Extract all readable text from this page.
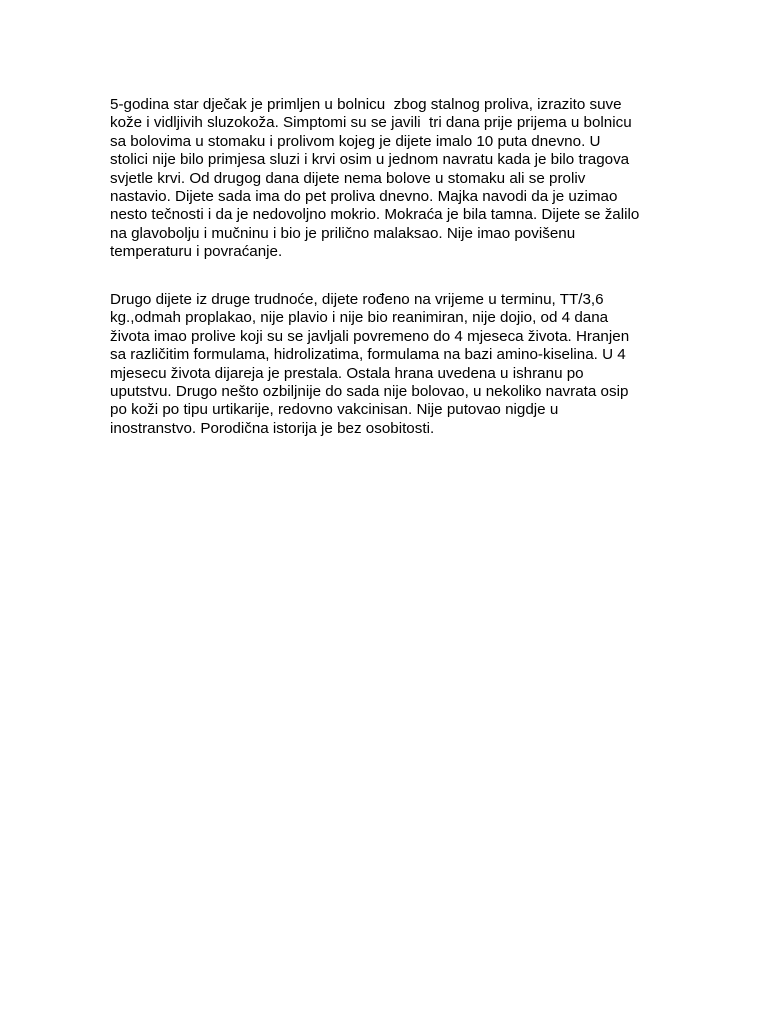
5-godina star dječak je primljen u bolnicu  zbog stalnog proliva, izrazito suve
kože i vidljivih sluzokoža. Simptomi su se javili  tri dana prije prijema u bolnicu
sa bolovima u stomaku i prolivom kojeg je dijete imalo 10 puta dnevno. U
stolici nije bilo primjesa sluzi i krvi osim u jednom navratu kada je bilo tragova
svjetle krvi. Od drugog dana dijete nema bolove u stomaku ali se proliv
nastavio. Dijete sada ima do pet proliva dnevno. Majka navodi da je uzimao
nesto tečnosti i da je nedovoljno mokrio. Mokraća je bila tamna. Dijete se žalilo
na glavobolju i mučninu i bio je prilično malaksao. Nije imao povišenu
temperaturu i povraćanje.

Drugo dijete iz druge trudnoće, dijete rođeno na vrijeme u terminu, TT/3,6
kg.,odmah proplakao, nije plavio i nije bio reanimiran, nije dojio, od 4 dana
života imao prolive koji su se javljali povremeno do 4 mjeseca života. Hranjen
sa različitim formulama, hidrolizatima, formulama na bazi amino-kiselina. U 4
mjesecu života dijareja je prestala. Ostala hrana uvedena u ishranu po
uputstvu. Drugo nešto ozbiljnije do sada nije bolovao, u nekoliko navrata osip
po koži po tipu urtikarije, redovno vakcinisan. Nije putovao nigdje u
inostranstvo. Porodična istorija je bez osobitosti.
